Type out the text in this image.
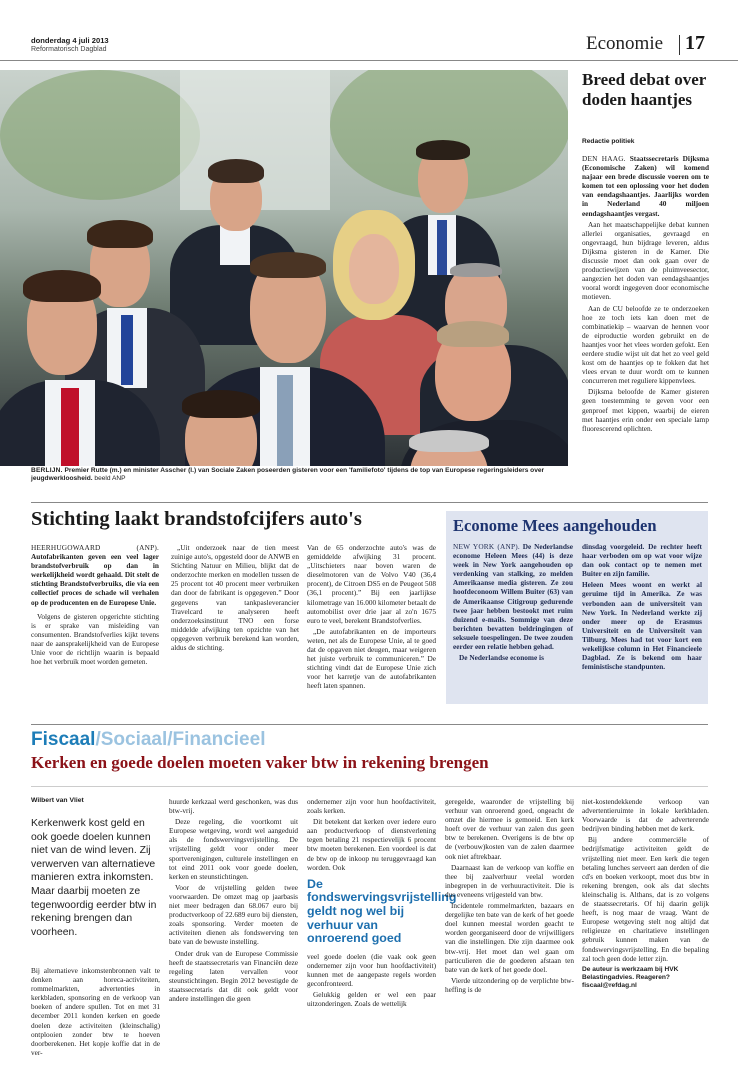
donderdag 4 juli 2013
Reformatorisch Dagblad	Economie 17
BERLIJN. Premier Rutte (m.) en minister Asscher (l.) van Sociale Zaken poseerden gisteren voor een 'familiefoto' tijdens de top van Europese regeringsleiders over jeugdwerkloosheid. beeld ANP
Breed debat over doden haantjes
Redactie politiek

DEN HAAG. Staatssecretaris Dijksma (Economische Zaken) wil komend najaar een brede discussie voeren om te komen tot een oplossing voor het doden van eendagshaantjes. Jaarlijks worden in Nederland 40 miljoen eendagshaantjes vergast.

Aan het maatschappelijke debat kunnen allerlei organisaties, gevraagd en ongevraagd, hun bijdrage leveren, aldus Dijksma gisteren in de Kamer. Die discussie moet dan ook gaan over de productiewijzen van de pluimveesector, aangezien het doden van eendagshaantjes vooral wordt ingegeven door economische motieven.

Aan de CU beloofde ze te onderzoeken hoe ze toch iets kan doen met de combinatiekip – waarvan de hennen voor de eiproductie worden gebruikt en de haantjes voor het vlees worden gefokt. Een eerdere studie wijst uit dat het zo veel geld kost om de haantjes op te fokken dat het vlees ervan te duur wordt om te kunnen concurreren met reguliere kippenvlees.

Dijksma beloofde de Kamer gisteren geen toestemming te geven voor een genproef met kippen, waarbij de eieren met haantjes erin onder een speciale lamp fluorescerend oplichten.

Stichting laakt brandstofcijfers auto's

HEERHUGOWAARD (ANP). Autofabrikanten geven een veel lager brandstofverbruik op dan in werkelijkheid wordt gehaald. Dit stelt de stichting Brandstofverbruiks, die via een collectief proces de schade wil verhalen op de producenten en de Europese Unie.

Volgens de gisteren opgerichte stichting is er sprake van misleiding van consumenten. Brandstofverlies kijkt tevens naar de aansprakelijkheid van de Europese Unie voor de richtlijn waarin is bepaald hoe het verbruik moet worden gemeten.

„Uit onderzoek naar de tien meest zuinige auto's, opgesteld door de ANWB en Stichting Natuur en Milieu, blijkt dat de onderzochte merken en modellen tussen de 25 procent tot 40 procent meer verbruiken dan door de fabrikant is opgegeven.” Door gegevens van tankpasleverancier Travelcard te analyseren heeft onderzoeksinstituut TNO een forse middelde afwijking ten opzichte van het opgegeven verbruik berekend kan worden, aldus de stichting.

Van de 65 onderzochte auto's was de gemiddelde afwijking 31 procent. „Uitschieters naar boven waren de dieselmotoren van de Volvo V40 (36,4 procent), de Citroen DS5 en de Peugeot 508 (36,1 procent).” Bij een jaarlijkse kilometrage van 16.000 kilometer betaalt de automobilist over drie jaar al zo'n 1675 euro te veel, berekent Brandstofverlies.

„De autofabrikanten en de importeurs weten, net als de Europese Unie, al te goed dat de opgaven niet deugen, maar weigeren het juiste verbruik te communiceren.” De stichting vindt dat de Europese Unie zich voor het karretje van de autofabrikanten heeft laten spannen.

Econome Mees aangehouden

NEW YORK (ANP). De Nederlandse econome Heleen Mees (44) is deze week in New York aangehouden op verdenking van stalking, zo melden Amerikaanse media gisteren. Ze zou hoofdeconoom Willem Buiter (63) van de Amerikaanse Citigroup gedurende twee jaar hebben bestookt met ruim duizend e-mails. Sommige van deze berichten bevatten beldringingen of seksuele toespelingen. De twee zouden eerder een relatie hebben gehad.

De Nederlandse econome is

dinsdag voorgeleid. De rechter heeft haar verboden om op wat voor wijze dan ook contact op te nemen met Buiter en zijn familie.

Heleen Mees woont en werkt al geruime tijd in Amerika. Ze was verbonden aan de universiteit van New York. In Nederland werkte zij onder meer op de Erasmus Universiteit en de Universiteit van Tilburg. Mees had tot voor kort een wekelijkse column in Het Financieele Dagblad. Ze is bekend om haar feministische standpunten.

Fiscaal/Sociaal/Financieel
Kerken en goede doelen moeten vaker btw in rekening brengen
Wilbert van Vliet
Kerkenwerk kost geld en ook goede doelen kunnen niet van de wind leven. Zij verwerven van alternatieve manieren extra inkomsten. Maar daarbij moeten ze tegenwoordig eerder btw in rekening brengen dan voorheen.

Bij alternatieve inkomstenbronnen valt te denken aan horeca-activiteiten, rommelmarkten, advertenties in kerkbladen, sponsoring en de verkoop van boeken of andere spullen. Tot en met 31 december 2011 konden kerken en goede doelen deze activiteiten (kleinschalig) ontplooien zonder btw te hoeven doorberekenen. Het kopje koffie dat in de ver-

huurde kerkzaal werd geschonken, was dus btw-vrij.

Deze regeling, die voortkomt uit Europese wetgeving, wordt wel aangeduid als de fondswervingsvrijstelling. De vrijstelling geldt voor onder meer sportverenigingen, culturele instellingen en tot eind 2011 ook voor goede doelen, kerken en steunstichtingen.

Voor de vrijstelling gelden twee voorwaarden. De omzet mag op jaarbasis niet meer bedragen dan 68.067 euro bij productverkoop of 22.689 euro bij diensten, zoals sponsoring. Verder moeten de activiteiten dienen als fondswerving ten bate van de bewuste instelling.

Onder druk van de Europese Commissie heeft de staatssecretaris van Financiën deze regeling laten vervallen voor steunstichtingen. Begin 2012 bevestigde de staatssecretaris dat dit ook geldt voor andere instellingen die geen

ondernemer zijn voor hun hoofdactiviteit, zoals kerken.

Dit betekent dat kerken over iedere euro aan productverkoop of dienstverlening tegen betaling 21 respectievelijk 6 procent btw moeten berekenen. Een voordeel is dat de btw op de inkoop nu teruggevraagd kan worden. Ook

De fondswervingsvrijstelling geldt nog wel bij verhuur van onroerend goed

veel goede doelen (die vaak ook geen ondernemer zijn voor hun hoofdactiviteit) kunnen met de aangepaste regels worden geconfronteerd.

Gelukkig gelden er wel een paar uitzonderingen. Zoals de wettelijk

geregelde, waaronder de vrijstelling bij verhuur van onroerend goed, ongeacht de omzet die hiermee is gemoeid. Een kerk hoeft over de verhuur van zalen dus geen btw te berekenen. Overigens is de btw op de (verbouw)kosten van de zalen daarmee ook niet aftrekbaar.

Daarnaast kan de verkoop van koffie en thee bij zaalverhuur veelal worden inbegrepen in de verhuuractiviteit. Die is dus eveneens vrijgesteld van btw.

Incidentele rommelmarkten, bazaars en dergelijke ten bate van de kerk of het goede doel kunnen meestal worden geacht te worden georganiseerd door de vrijwilligers van die instellingen. Die zijn daarmee ook btw-vrij. Het moet dan wel gaan om particulieren die de goederen afstaan ten bate van de kerk of het goede doel.

Vierde uitzondering op de verplichte btw-heffing is de

niet-kostendekkende verkoop van advertentieruimte in lokale kerkbladen. Voorwaarde is dat de adverterende bedrijven binding hebben met de kerk.

Bij andere commerciële of bedrijfsmatige activiteiten geldt de vrijstelling niet meer. Een kerk die tegen betaling lunches serveert aan derden of die cd's en boeken verkoopt, moet dus btw in rekening brengen, ook als dat slechts kleinschalig is. Althans, dat is zo volgens de staatssecretaris. Of hij daarin gelijk heeft, is nog maar de vraag. Want de Europese wetgeving stelt nog altijd dat religieuze en charitatieve instellingen gebruik kunnen maken van de fondswervingsvrijstelling. En die bepaling zal toch geen dode letter zijn.

De auteur is werkzaam bij HVK Belastingadvies. Reageren? fiscaal@refdag.nl
